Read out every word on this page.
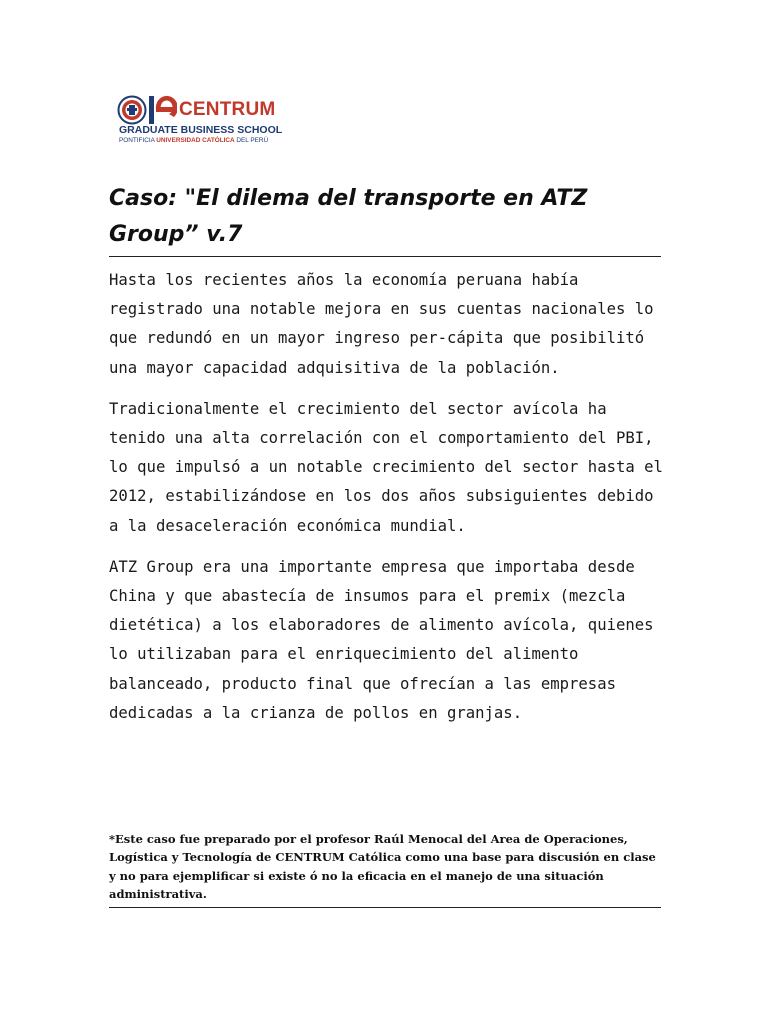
CENTRUM
GRADUATE BUSINESS SCHOOL
PONTIFICIA UNIVERSIDAD CATÓLICA DEL PERÚ
Caso: "El dilema del transporte en ATZ Group” v.7

Hasta los recientes años la economía peruana había registrado una notable mejora en sus cuentas nacionales lo que redundó en un mayor ingreso per-cápita que posibilitó una mayor capacidad adquisitiva de la población.

Tradicionalmente el crecimiento del sector avícola ha tenido una alta correlación con el comportamiento del PBI, lo que impulsó a un notable crecimiento del sector hasta el 2012, estabilizándose en los dos años subsiguientes debido a la desaceleración económica mundial.

ATZ Group era una importante empresa que importaba desde China y que abastecía de insumos para el premix (mezcla dietética) a los elaboradores de alimento avícola, quienes lo utilizaban para el enriquecimiento del alimento balanceado, producto final que ofrecían a las empresas dedicadas a la crianza de pollos en granjas.

*Este caso fue preparado por el profesor Raúl Menocal del Area de Operaciones, Logística y Tecnología de CENTRUM Católica como una base para discusión en clase y no para ejemplificar si existe ó no la eficacia en el manejo de una situación administrativa.
